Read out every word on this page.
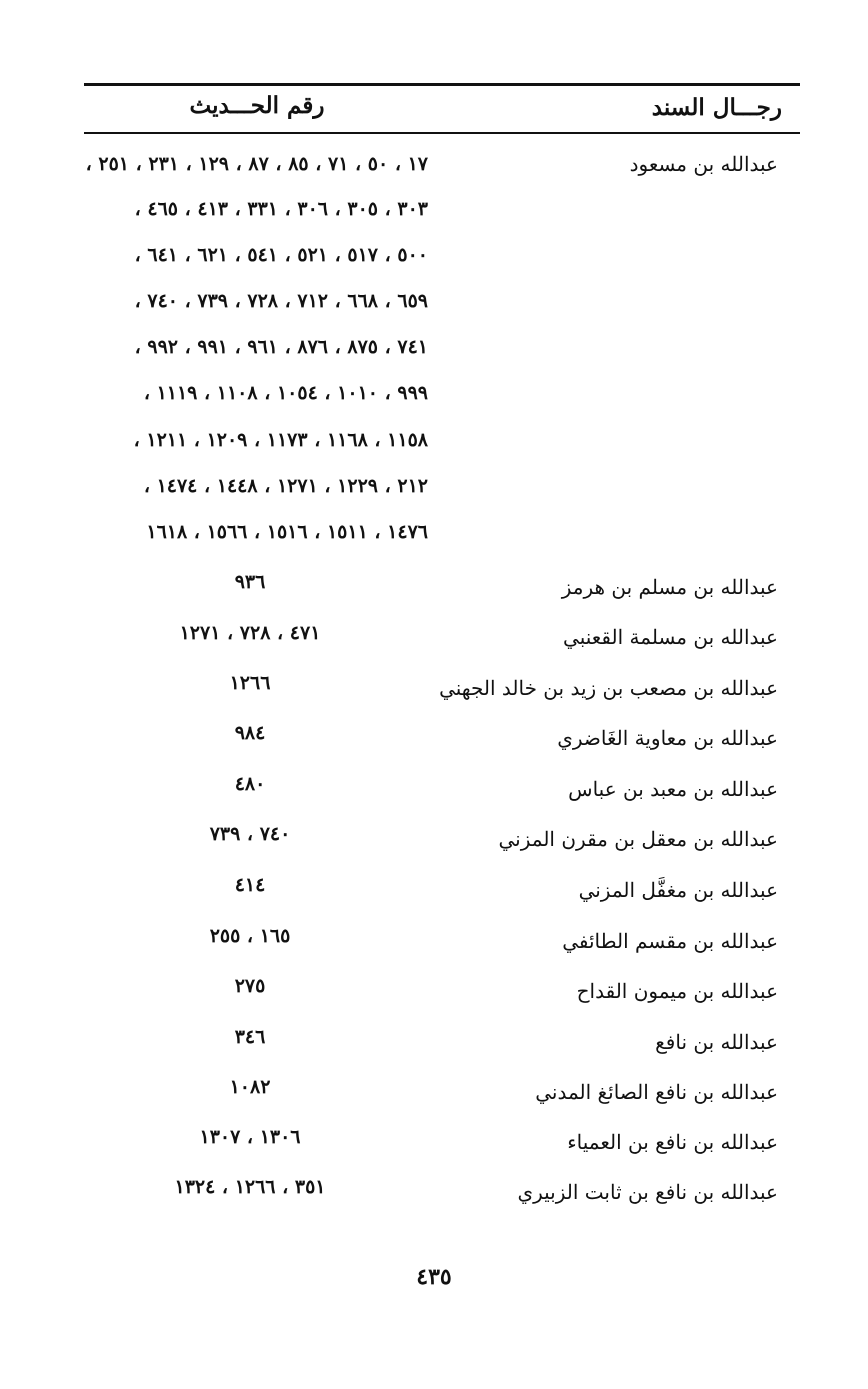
رجـــال السند
رقم الحـــديث
عبدالله بن مسعود
١٧ ، ٥٠ ، ٧١ ، ٨٥ ، ٨٧ ، ١٢٩ ، ٢٣١ ، ٢٥١ ،
٣٠٣ ، ٣٠٥ ، ٣٠٦ ، ٣٣١ ، ٤١٣ ، ٤٦٥ ،
٥٠٠ ، ٥١٧ ، ٥٢١ ، ٥٤١ ، ٦٢١ ، ٦٤١ ،
٦٥٩ ، ٦٦٨ ، ٧١٢ ، ٧٢٨ ، ٧٣٩ ، ٧٤٠ ،
٧٤١ ، ٨٧٥ ، ٨٧٦ ، ٩٦١ ، ٩٩١ ، ٩٩٢ ،
٩٩٩ ، ١٠١٠ ، ١٠٥٤ ، ١١٠٨ ، ١١١٩ ،
١١٥٨ ، ١١٦٨ ، ١١٧٣ ، ١٢٠٩ ، ١٢١١ ،
٢١٢ ، ١٢٢٩ ، ١٢٧١ ، ١٤٤٨ ، ١٤٧٤ ،
١٤٧٦ ، ١٥١١ ، ١٥١٦ ، ١٥٦٦ ، ١٦١٨
عبدالله بن مسلم بن هرمز
٩٣٦
عبدالله بن مسلمة القعنبي
٤٧١ ، ٧٢٨ ، ١٢٧١
عبدالله بن مصعب بن زيد بن خالد الجهني
١٢٦٦
عبدالله بن معاوية الغَاضري
٩٨٤
عبدالله بن معبد بن عباس
٤٨٠
عبدالله بن معقل بن مقرن المزني
٧٤٠ ، ٧٣٩
عبدالله بن مغفَّل المزني
٤١٤
عبدالله بن مقسم الطائفي
١٦٥ ، ٢٥٥
عبدالله بن ميمون القداح
٢٧٥
عبدالله بن نافع
٣٤٦
عبدالله بن نافع الصائغ المدني
١٠٨٢
عبدالله بن نافع بن العمياء
١٣٠٦ ، ١٣٠٧
عبدالله بن نافع بن ثابت الزبيري
٣٥١ ، ١٢٦٦ ، ١٣٢٤
٤٣٥
